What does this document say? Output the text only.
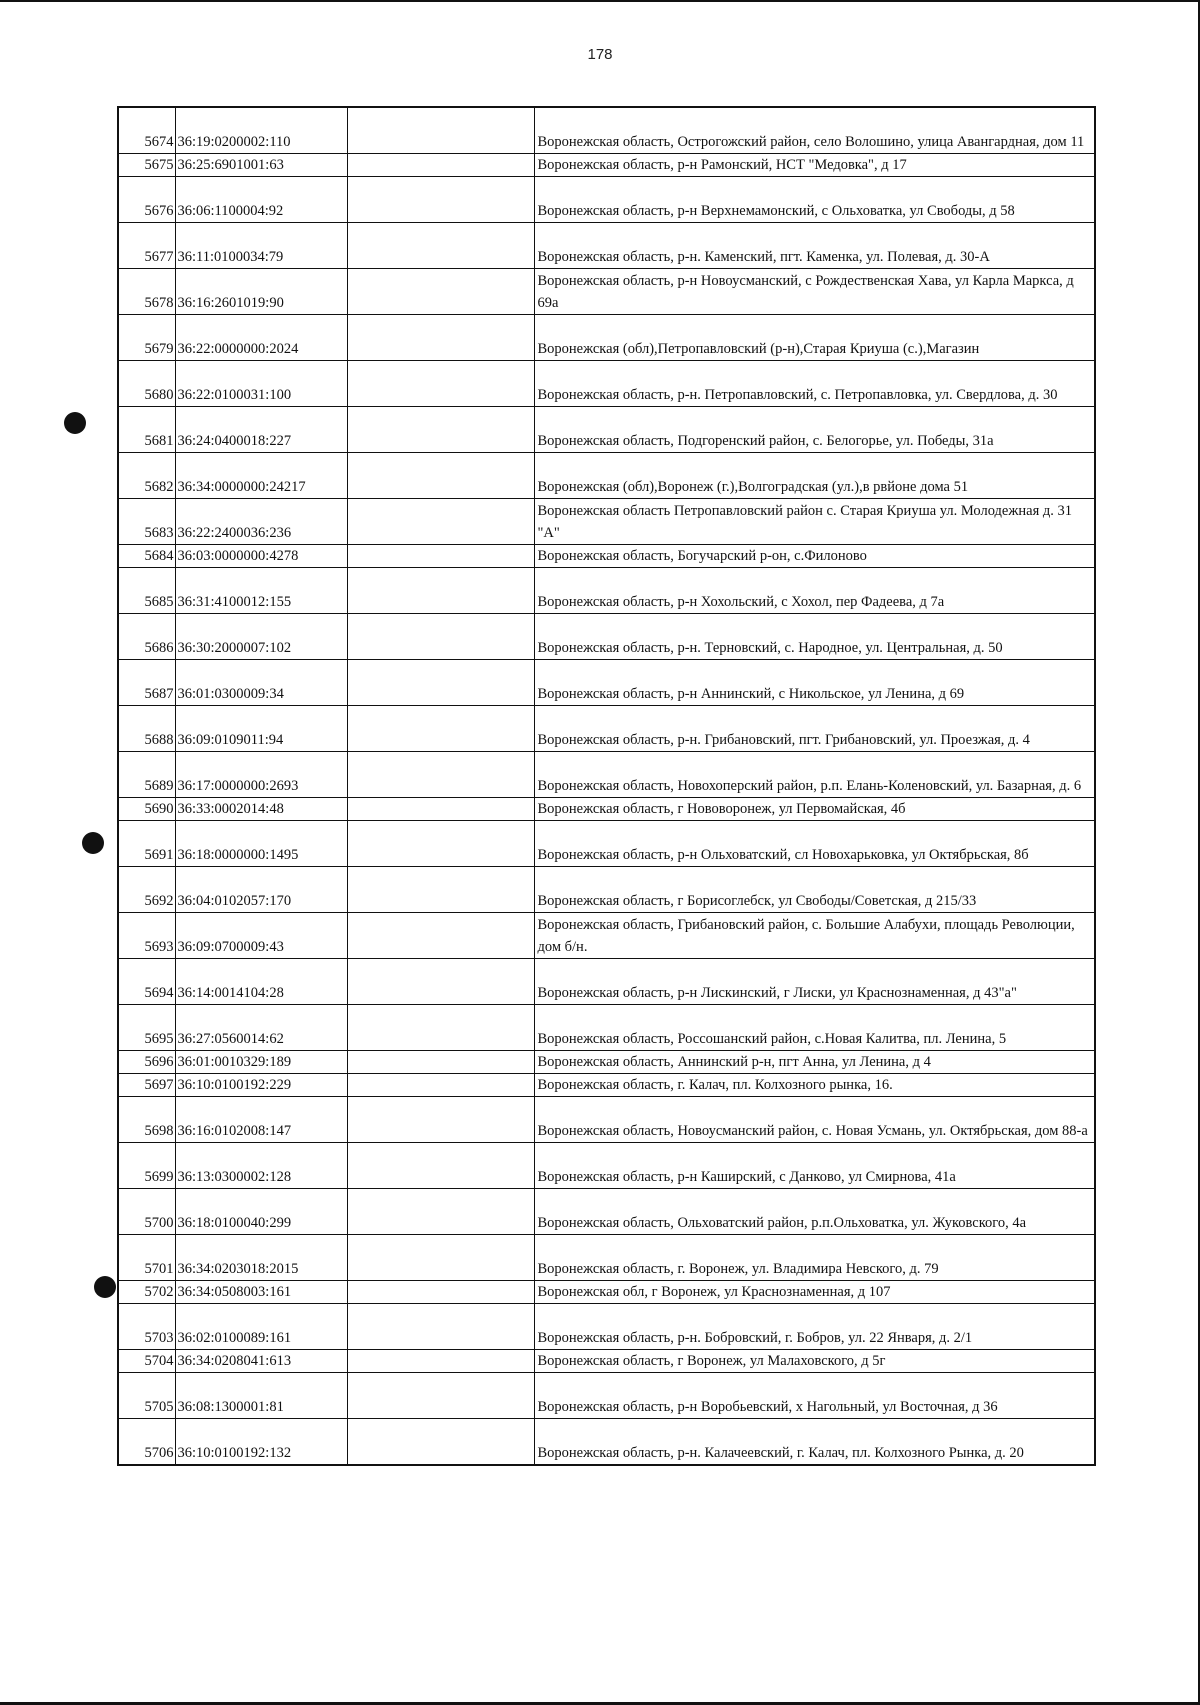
178
5674	36:19:0200002:110		Воронежская область, Острогожский район, село Волошино, улица Авангардная, дом 11
5675	36:25:6901001:63		Воронежская область, р-н Рамонский, НСТ "Медовка", д 17
5676	36:06:1100004:92		Воронежская область, р-н Верхнемамонский, с Ольховатка, ул Свободы, д 58
5677	36:11:0100034:79		Воронежская область, р-н. Каменский, пгт. Каменка, ул. Полевая, д. 30-А
5678	36:16:2601019:90		Воронежская область, р-н Новоусманский, с Рождественская Хава, ул Карла Маркса, д 69а
5679	36:22:0000000:2024		Воронежская (обл),Петропавловский (р-н),Старая Криуша (с.),Магазин
5680	36:22:0100031:100		Воронежская область, р-н. Петропавловский, с. Петропавловка, ул. Свердлова, д. 30
5681	36:24:0400018:227		Воронежская область, Подгоренский район, с. Белогорье, ул. Победы, 31а
5682	36:34:0000000:24217		Воронежская (обл),Воронеж (г.),Волгоградская (ул.),в рвйоне дома 51
5683	36:22:2400036:236		Воронежская область Петропавловский район с. Старая Криуша ул. Молодежная д. 31 "А"
5684	36:03:0000000:4278		Воронежская область, Богучарский р-он, с.Филоново
5685	36:31:4100012:155		Воронежская область, р-н Хохольский, с Хохол, пер Фадеева, д 7а
5686	36:30:2000007:102		Воронежская область, р-н. Терновский, с. Народное, ул. Центральная, д. 50
5687	36:01:0300009:34		Воронежская область, р-н Аннинский, с Никольское, ул Ленина, д 69
5688	36:09:0109011:94		Воронежская область, р-н. Грибановский, пгт. Грибановский, ул. Проезжая, д. 4
5689	36:17:0000000:2693		Воронежская область, Новохоперский район, р.п. Елань-Коленовский, ул. Базарная, д. 6
5690	36:33:0002014:48		Воронежская область, г Нововоронеж, ул Первомайская, 4б
5691	36:18:0000000:1495		Воронежская область, р-н Ольховатский, сл Новохарьковка, ул Октябрьская, 8б
5692	36:04:0102057:170		Воронежская область, г Борисоглебск, ул Свободы/Советская, д 215/33
5693	36:09:0700009:43		Воронежская область, Грибановский район, с. Большие Алабухи, площадь Революции, дом б/н.
5694	36:14:0014104:28		Воронежская область, р-н Лискинский, г Лиски, ул Краснознаменная, д 43"а"
5695	36:27:0560014:62		Воронежская область, Россошанский район, с.Новая Калитва, пл. Ленина, 5
5696	36:01:0010329:189		Воронежская область, Аннинский р-н, пгт Анна, ул Ленина, д 4
5697	36:10:0100192:229		Воронежская область, г. Калач, пл. Колхозного рынка, 16.
5698	36:16:0102008:147		Воронежская область, Новоусманский район, с. Новая Усмань, ул. Октябрьская, дом 88-а
5699	36:13:0300002:128		Воронежская область, р-н Каширский, с Данково, ул Смирнова, 41а
5700	36:18:0100040:299		Воронежская область, Ольховатский район, р.п.Ольховатка, ул. Жуковского, 4а
5701	36:34:0203018:2015		Воронежская область, г. Воронеж, ул. Владимира Невского, д. 79
5702	36:34:0508003:161		Воронежская обл, г Воронеж, ул Краснознаменная, д 107
5703	36:02:0100089:161		Воронежская область, р-н. Бобровский, г. Бобров, ул. 22 Января, д. 2/1
5704	36:34:0208041:613		Воронежская область, г Воронеж, ул Малаховского, д 5г
5705	36:08:1300001:81		Воронежская область, р-н Воробьевский, х Нагольный, ул Восточная, д 36
5706	36:10:0100192:132		Воронежская область, р-н. Калачеевский, г. Калач, пл. Колхозного Рынка, д. 20
